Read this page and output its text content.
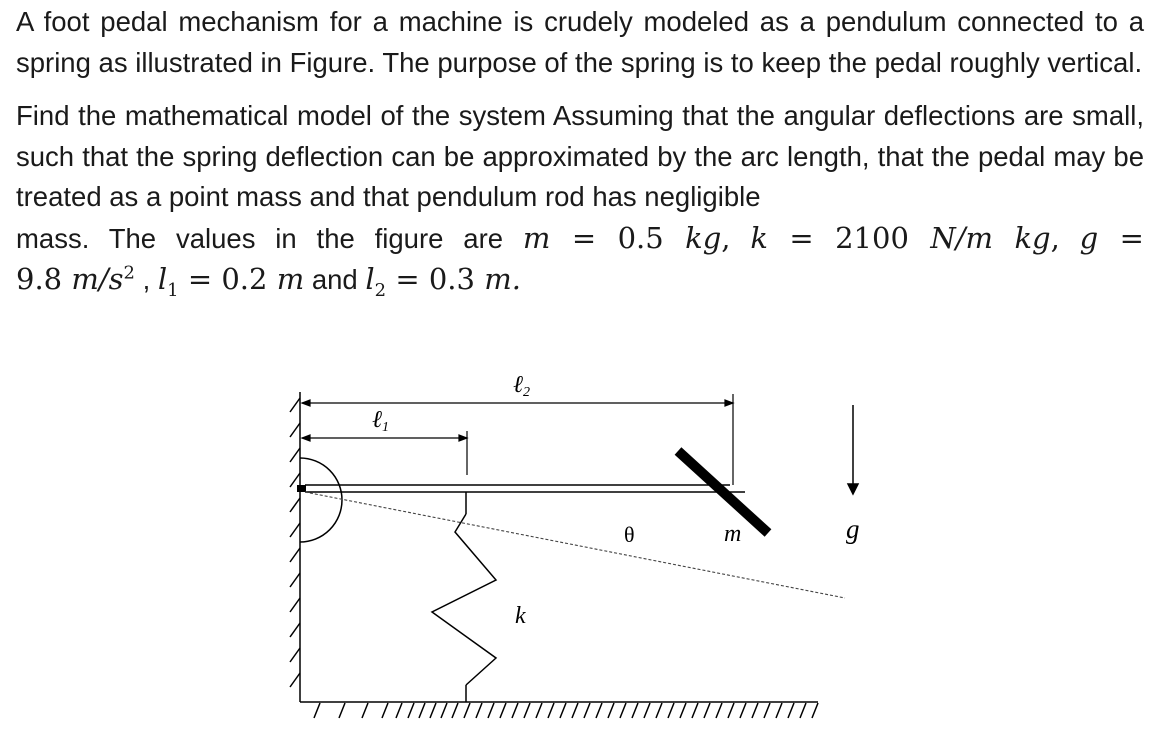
A foot pedal mechanism for a machine is crudely modeled as a pendulum connected to a spring as illustrated in Figure. The purpose of the spring is to keep the pedal roughly vertical.

Find the mathematical model of the system Assuming that the angular deflections are small, such that the spring deflection can be approximated by the arc length, that the pedal may be treated as a point mass and that pendulum rod has negligible

mass. The values in the figure are m = 0.5 kg, k = 2100 N/m kg, g =

9.8 $m/s^2$ , $l_1 = 0.2$ m and $l_2 = 0.3$ m.

ℓ2
ℓ1
θ	m	g
k
